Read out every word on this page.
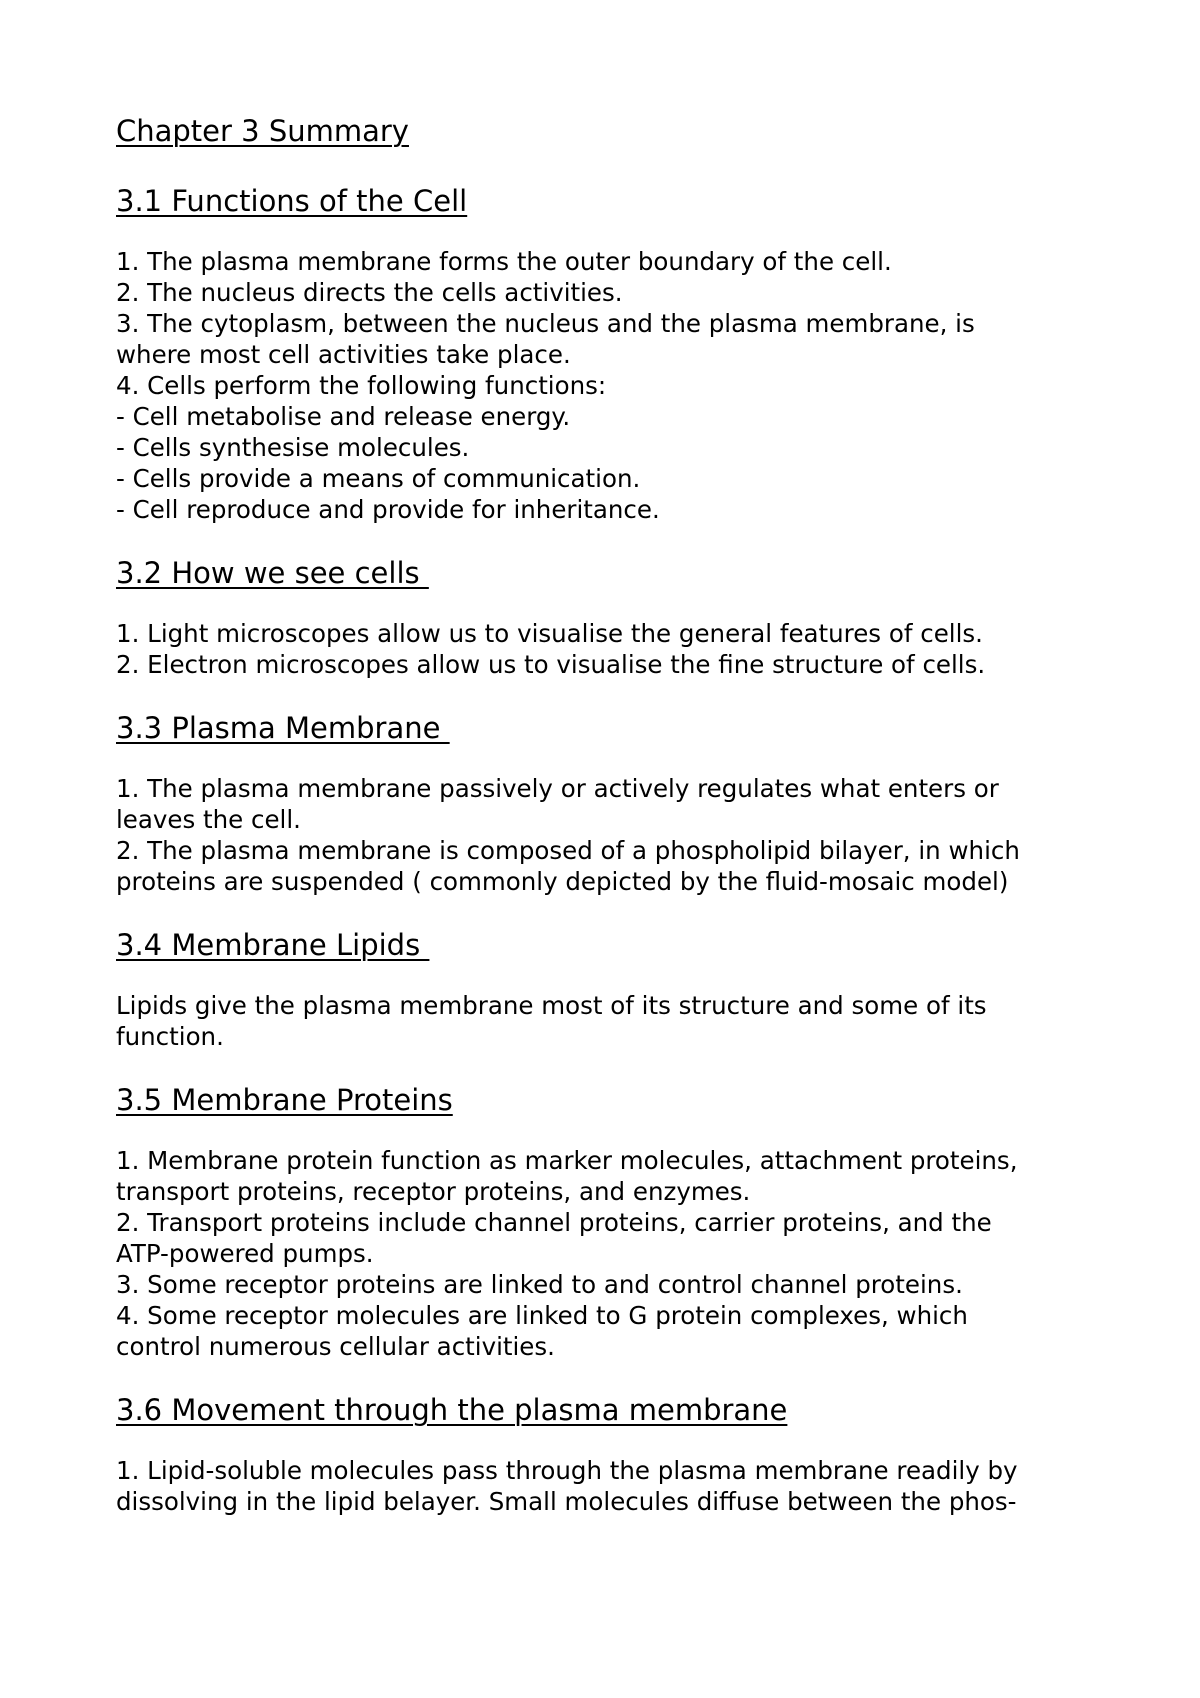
Chapter 3 Summary
3.1 Functions of the Cell

1. The plasma membrane forms the outer boundary of the cell.

2. The nucleus directs the cells activities.

3. The cytoplasm, between the nucleus and the plasma membrane, is

where most cell activities take place.

4. Cells perform the following functions:

- Cell metabolise and release energy.

- Cells synthesise molecules.

- Cells provide a means of communication.

- Cell reproduce and provide for inheritance.

3.2 How we see cells

1. Light microscopes allow us to visualise the general features of cells.

2. Electron microscopes allow us to visualise the fine structure of cells.

3.3 Plasma Membrane

1. The plasma membrane passively or actively regulates what enters or

leaves the cell.

2. The plasma membrane is composed of a phospholipid bilayer, in which

proteins are suspended ( commonly depicted by the fluid-mosaic model)

3.4 Membrane Lipids

Lipids give the plasma membrane most of its structure and some of its

function.

3.5 Membrane Proteins

1. Membrane protein function as marker molecules, attachment proteins,

transport proteins, receptor proteins, and enzymes.

2. Transport proteins include channel proteins, carrier proteins, and the

ATP-powered pumps.

3. Some receptor proteins are linked to and control channel proteins.

4. Some receptor molecules are linked to G protein complexes, which

control numerous cellular activities.

3.6 Movement through the plasma membrane

1. Lipid-soluble molecules pass through the plasma membrane readily by

dissolving in the lipid belayer. Small molecules diffuse between the phos-
